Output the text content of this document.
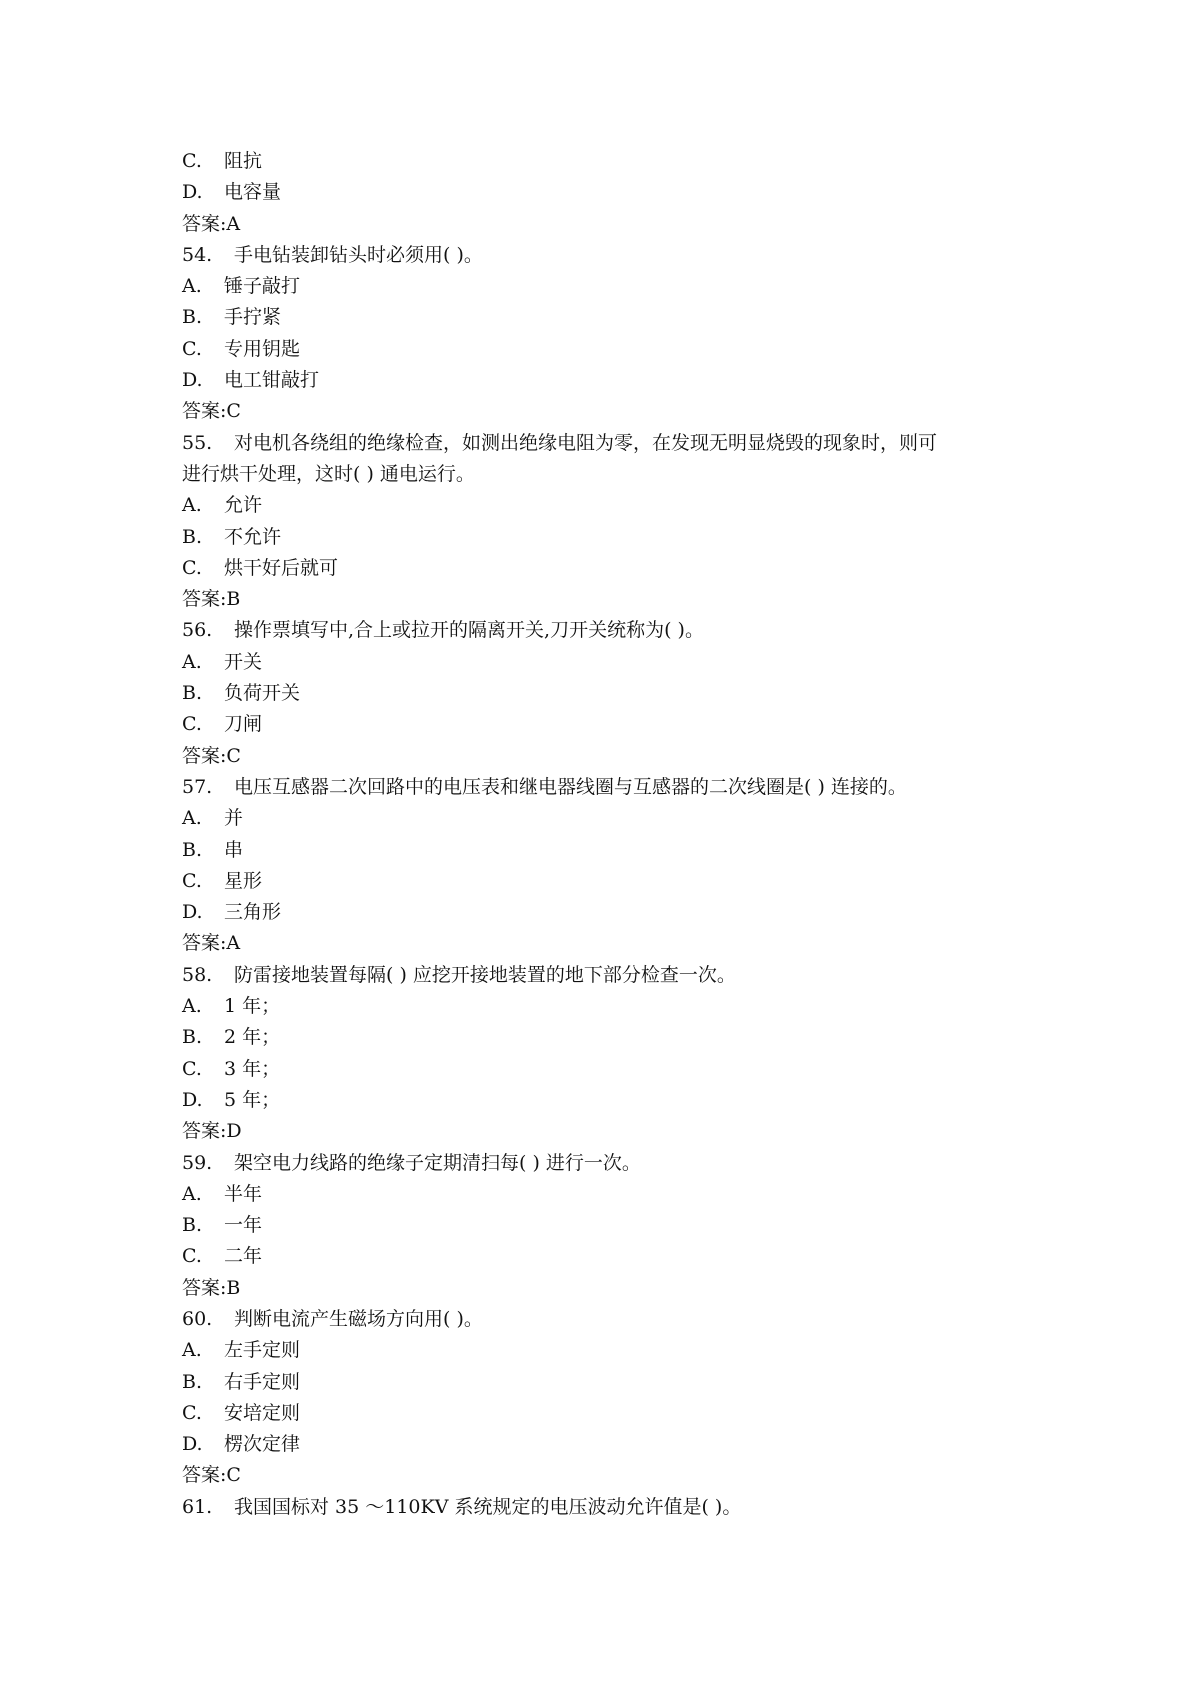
C.	阻抗
D.	电容量
答案: A
54.	手电钻装卸钻头时必须用( )。
A.	锤子敲打
B.	手拧紧
C.	专用钥匙
D.	电工钳敲打
答案: C
55.	对电机各绕组的绝缘检查，如测出绝缘电阻为零，在发现无明显烧毁的现象时，则可
进行烘干处理，这时( ) 通电运行。
A.	允许
B.	不允许
C.	烘干好后就可
答案: B
56.	操作票填写中,合上或拉开的隔离开关,刀开关统称为( )。
A.	开关
B.	负荷开关
C.	刀闸
答案: C
57.	电压互感器二次回路中的电压表和继电器线圈与互感器的二次线圈是( ) 连接的。
A.	并
B.	串
C.	星形
D.	三角形
答案: A
58.	防雷接地装置每隔( ) 应挖开接地装置的地下部分检查一次。
A.	1 年；
B.	2 年；
C.	3 年；
D.	5 年；
答案: D
59.	架空电力线路的绝缘子定期清扫每( ) 进行一次。
A.	半年
B.	一年
C.	二年
答案: B
60.	判断电流产生磁场方向用( )。
A.	左手定则
B.	右手定则
C.	安培定则
D.	楞次定律
答案: C
61.	我国国标对 35 ～110KV 系统规定的电压波动允许值是( )。
